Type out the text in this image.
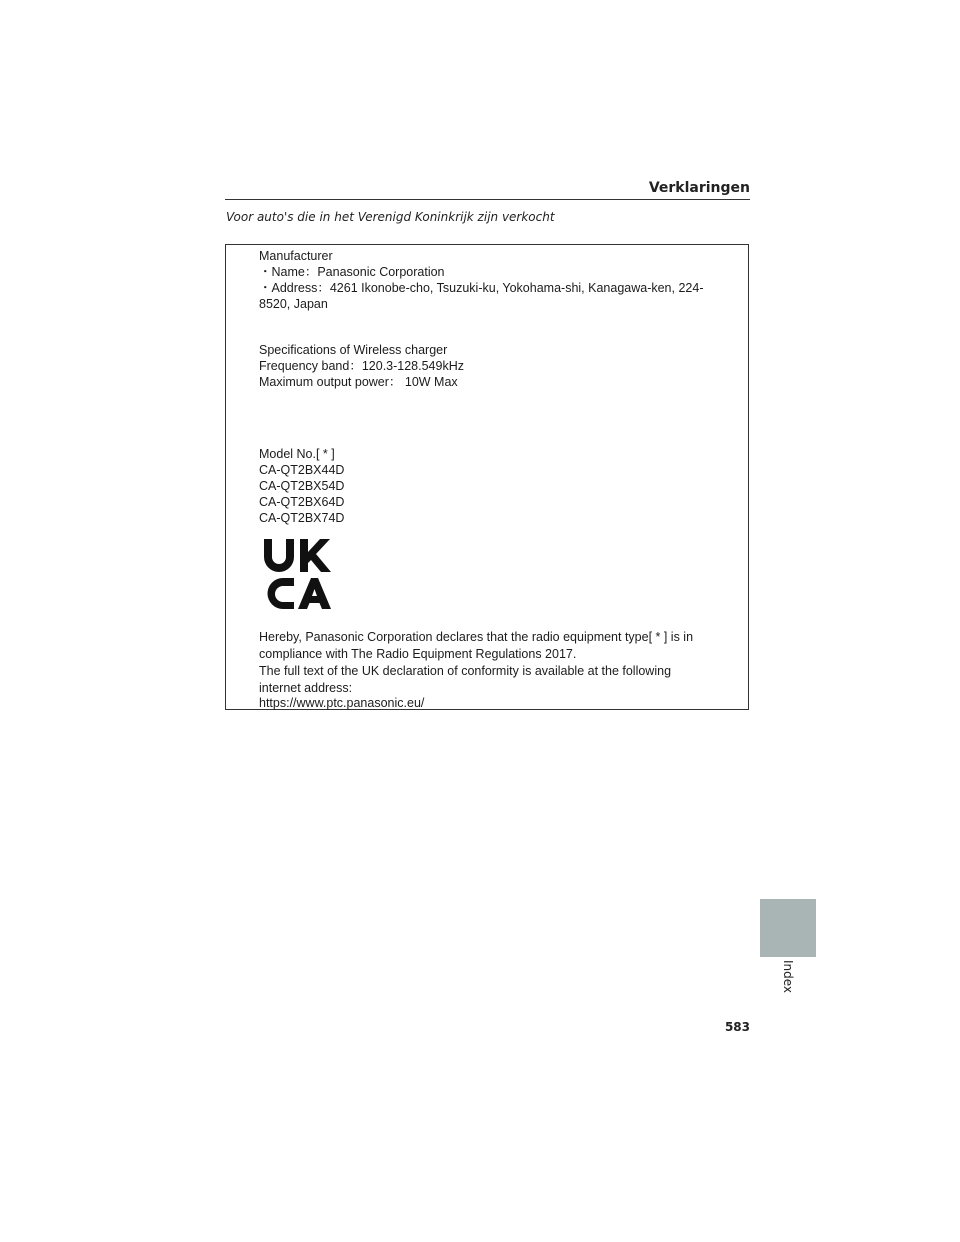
Verklaringen
Voor auto's die in het Verenigd Koninkrijk zijn verkocht
Manufacturer
・Name：Panasonic Corporation
・Address：4261 Ikonobe-cho, Tsuzuki-ku, Yokohama-shi, Kanagawa-ken, 224-
8520, Japan
Specifications of Wireless charger
Frequency band：120.3-128.549kHz
Maximum output power： 10W Max
Model No.[ * ]
CA-QT2BX44D
CA-QT2BX54D
CA-QT2BX64D
CA-QT2BX74D
Hereby, Panasonic Corporation declares that the radio equipment type[ * ] is in
compliance with The Radio Equipment Regulations 2017.
The full text of the UK declaration of conformity is available at the following
internet address:
https://www.ptc.panasonic.eu/
Index
583
